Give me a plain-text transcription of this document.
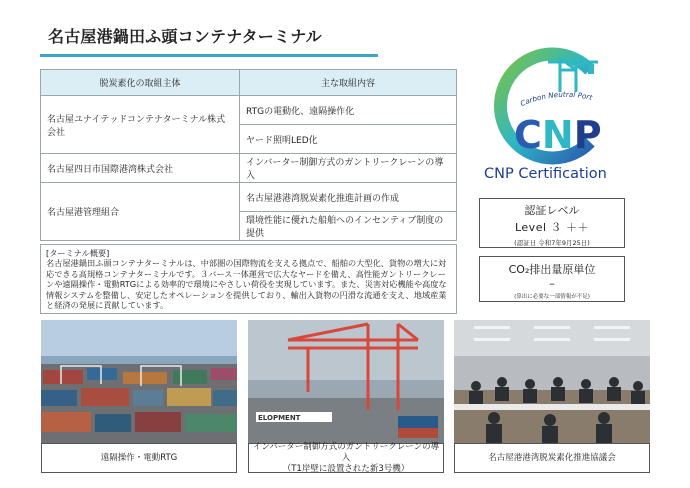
名古屋港鍋田ふ頭コンテナターミナル
脱炭素化の取組主体	主な取組内容
名古屋ユナイテッドコンテナターミナル株式会社	RTGの電動化、遠隔操作化
	ヤード照明LED化
名古屋四日市国際港湾株式会社	インバーター制御方式のガントリークレーンの導入
名古屋港管理組合	名古屋港港湾脱炭素化推進計画の作成
	環境性能に優れた船舶へのインセンティブ制度の提供
[ターミナル概要]
名古屋港鍋田ふ頭コンテナターミナルは、中部圏の国際物流を支える拠点で、船舶の大型化、貨物の増大に対応できる高規格コンテナターミナルです。３バース一体運営で広大なヤードを備え、高性能ガントリークレーンや遠隔操作・電動RTGによる効率的で環境にやさしい荷役を実現しています。また、災害対応機能や高度な情報システムを整備し、安定したオペレーションを提供しており、輸出入貨物の円滑な流通を支え、地域産業と経済の発展に貢献しています。
Carbon Neutral Port
CNP
CNP Certification
認証レベル
Level ３ ＋＋
(認証日 令和7年9月25日)
CO₂排出量原単位
–
(算出に必要な一部情報が不足)
ELOPMENT
遠隔操作・電動RTG
インバーター制御方式のガントリークレーンの導入
（T1岸壁に設置された新3号機）
名古屋港港湾脱炭素化推進協議会
